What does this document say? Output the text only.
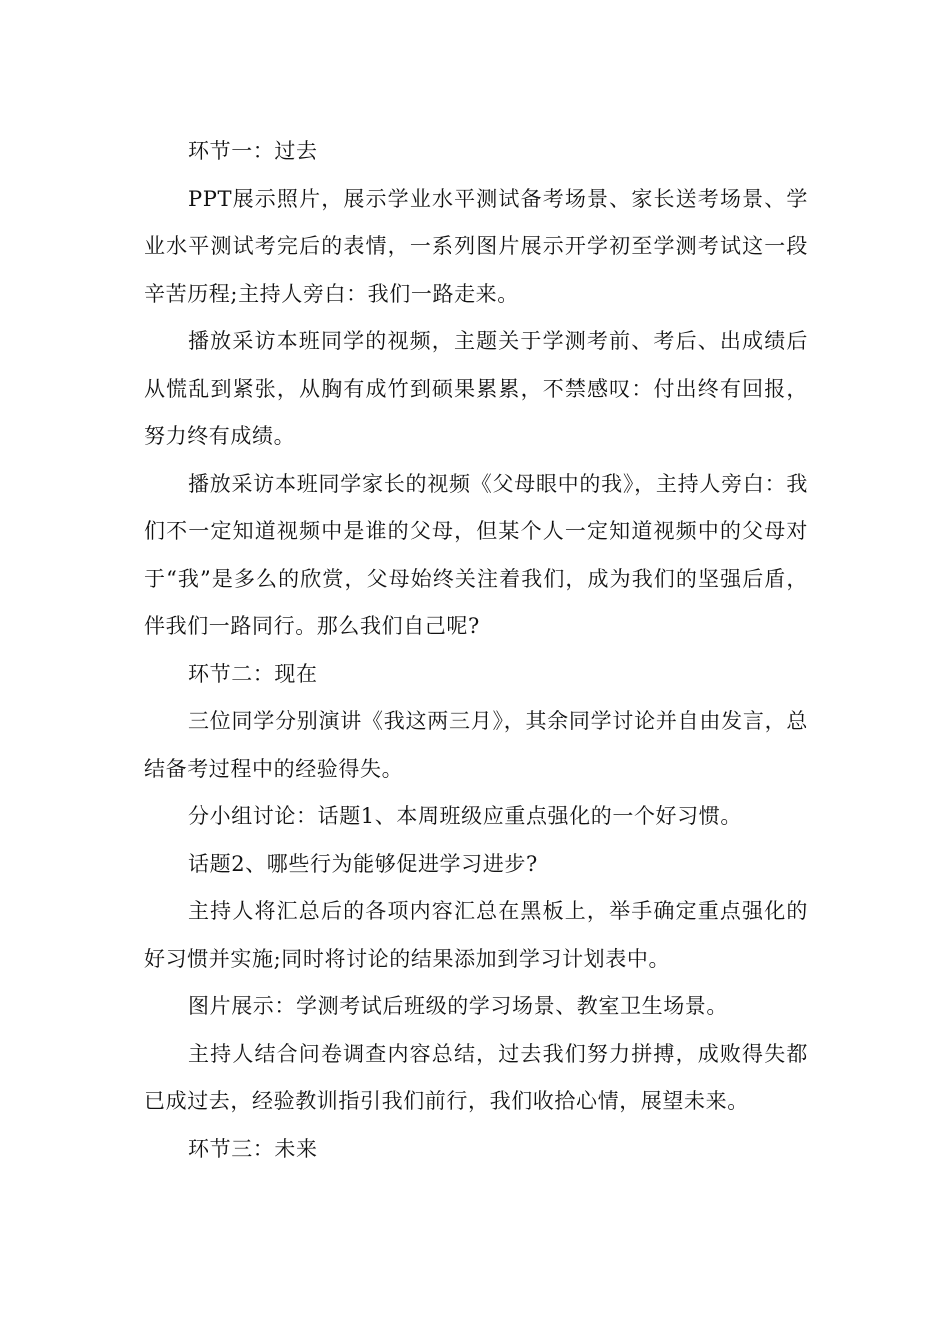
环节一：过去

PPT展示照片，展示学业水平测试备考场景、家长送考场景、学业水平测试考完后的表情，一系列图片展示开学初至学测考试这一段辛苦历程;主持人旁白：我们一路走来。

播放采访本班同学的视频，主题关于学测考前、考后、出成绩后从慌乱到紧张，从胸有成竹到硕果累累，不禁感叹：付出终有回报，努力终有成绩。

播放采访本班同学家长的视频《父母眼中的我》，主持人旁白：我们不一定知道视频中是谁的父母，但某个人一定知道视频中的父母对于“我”是多么的欣赏，父母始终关注着我们，成为我们的坚强后盾，伴我们一路同行。那么我们自己呢?

环节二：现在

三位同学分别演讲《我这两三月》，其余同学讨论并自由发言，总结备考过程中的经验得失。

分小组讨论：话题1、本周班级应重点强化的一个好习惯。

话题2、哪些行为能够促进学习进步?

主持人将汇总后的各项内容汇总在黑板上，举手确定重点强化的好习惯并实施;同时将讨论的结果添加到学习计划表中。

图片展示：学测考试后班级的学习场景、教室卫生场景。

主持人结合问卷调查内容总结，过去我们努力拼搏，成败得失都已成过去，经验教训指引我们前行，我们收拾心情，展望未来。

环节三：未来
